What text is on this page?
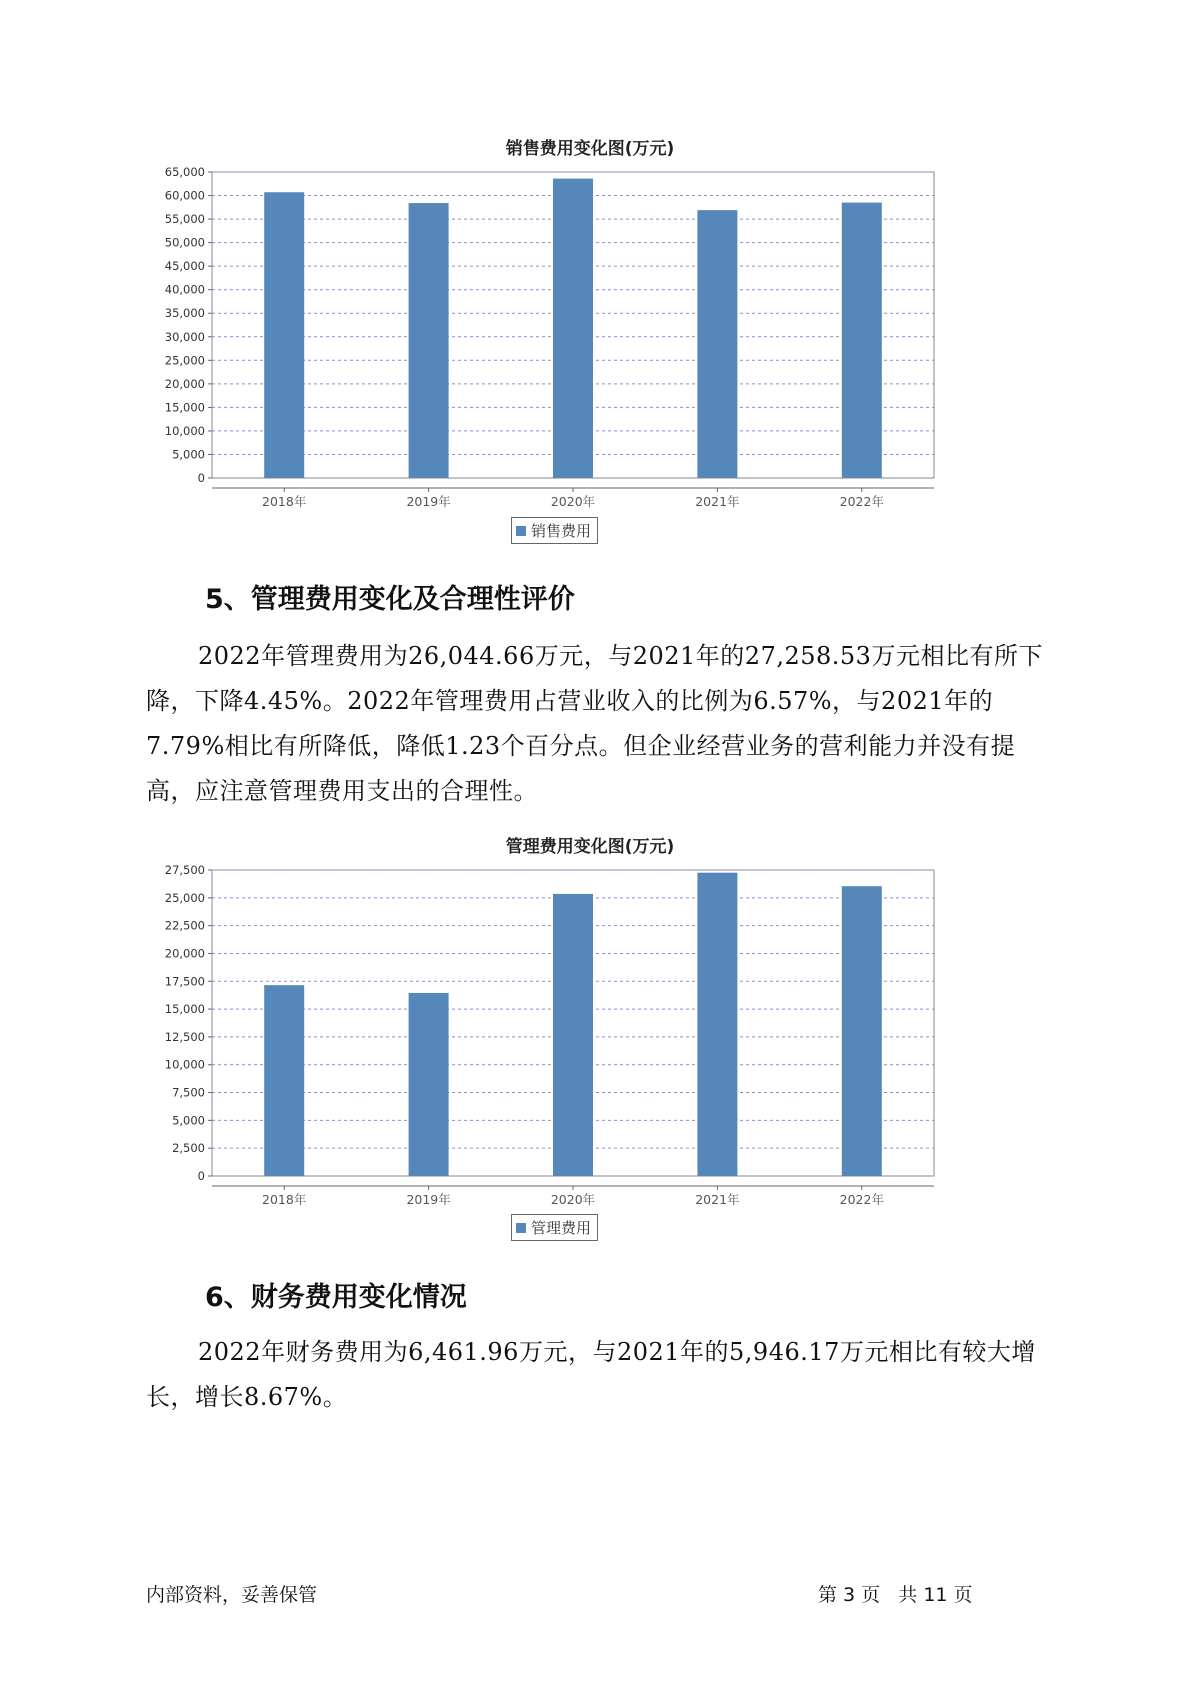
销售费用变化图(万元)
0
5,000
10,000
15,000
20,000
25,000
30,000
35,000
40,000
45,000
50,000
55,000
60,000
65,000
2018年	2019年	2020年	2021年	2022年
销售费用
5、管理费用变化及合理性评价

2022年管理费用为26,044.66万元，与2021年的27,258.53万元相比有所下降，下降4.45%。2022年管理费用占营业收入的比例为6.57%，与2021年的7.79%相比有所降低，降低1.23个百分点。但企业经营业务的营利能力并没有提高，应注意管理费用支出的合理性。

管理费用变化图(万元)
0
2,500
5,000
7,500
10,000
12,500
15,000
17,500
20,000
22,500
25,000
27,500
2018年	2019年	2020年	2021年	2022年
管理费用
6、财务费用变化情况

2022年财务费用为6,461.96万元，与2021年的5,946.17万元相比有较大增长，增长8.67%。

内部资料，妥善保管	第 3 页   共 11 页
